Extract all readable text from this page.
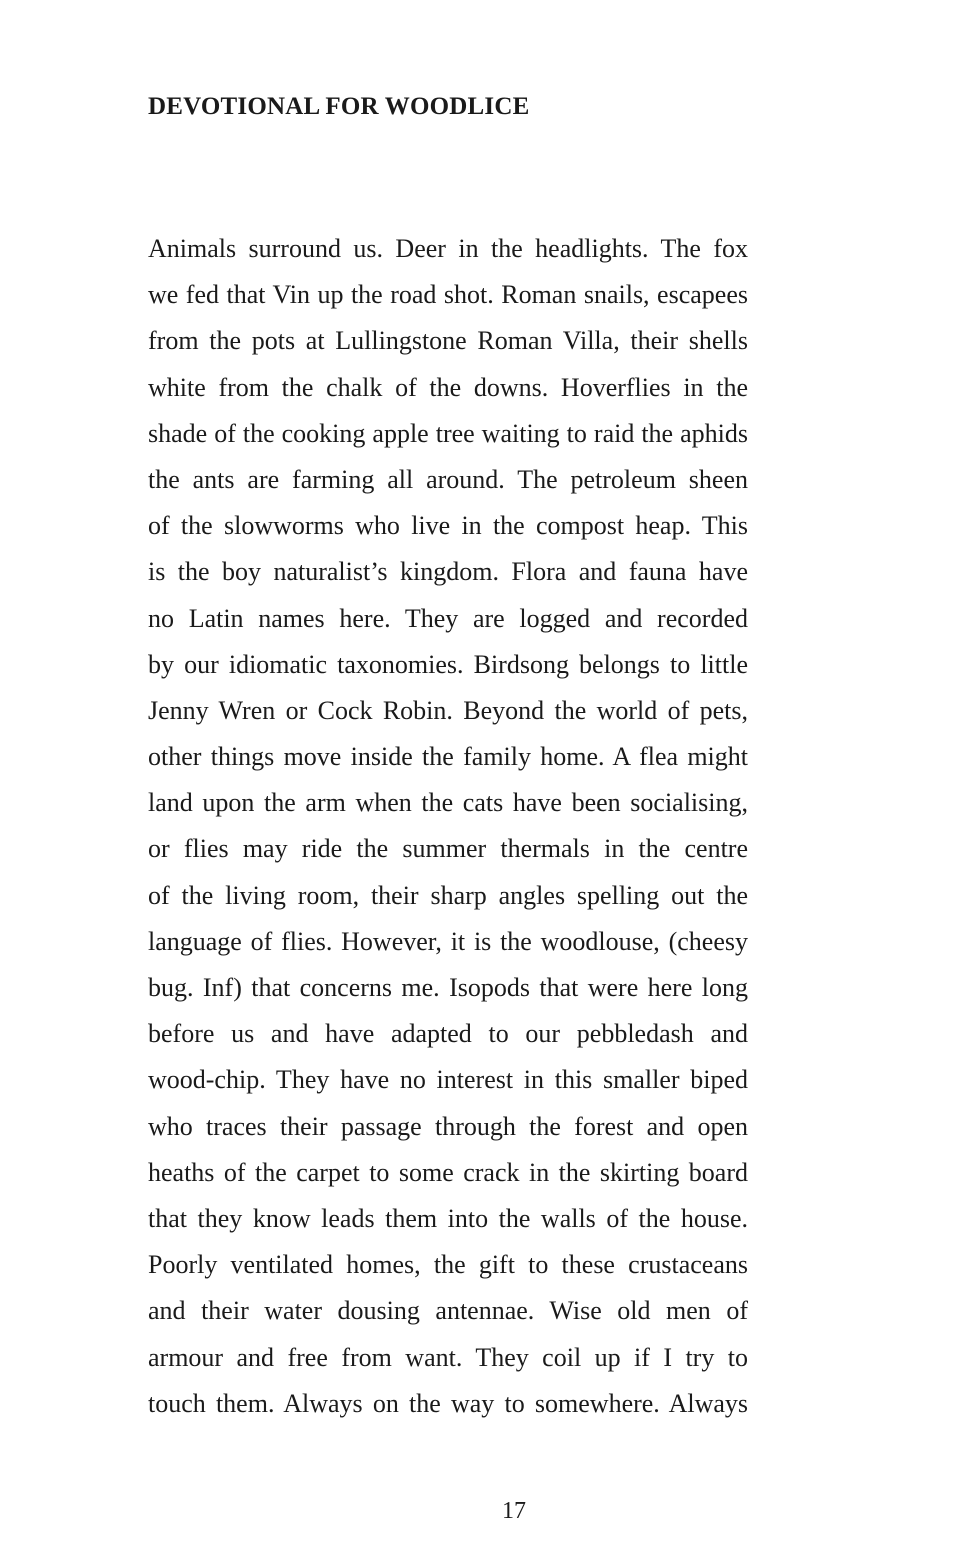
DEVOTIONAL FOR WOODLICE
Animals surround us. Deer in the headlights. The fox
we fed that Vin up the road shot. Roman snails, escapees
from the pots at Lullingstone Roman Villa, their shells
white from the chalk of the downs. Hoverflies in the
shade of the cooking apple tree waiting to raid the aphids
the ants are farming all around. The petroleum sheen
of the slowworms who live in the compost heap. This
is the boy naturalist’s kingdom. Flora and fauna have
no Latin names here. They are logged and recorded
by our idiomatic taxonomies. Birdsong belongs to little
Jenny Wren or Cock Robin. Beyond the world of pets,
other things move inside the family home. A flea might
land upon the arm when the cats have been socialising,
or flies may ride the summer thermals in the centre
of the living room, their sharp angles spelling out the
language of flies. However, it is the woodlouse, (cheesy
bug. Inf) that concerns me. Isopods that were here long
before us and have adapted to our pebbledash and
wood-chip. They have no interest in this smaller biped
who traces their passage through the forest and open
heaths of the carpet to some crack in the skirting board
that they know leads them into the walls of the house.
Poorly ventilated homes, the gift to these crustaceans
and their water dousing antennae. Wise old men of
armour and free from want. They coil up if I try to
touch them. Always on the way to somewhere. Always
17
